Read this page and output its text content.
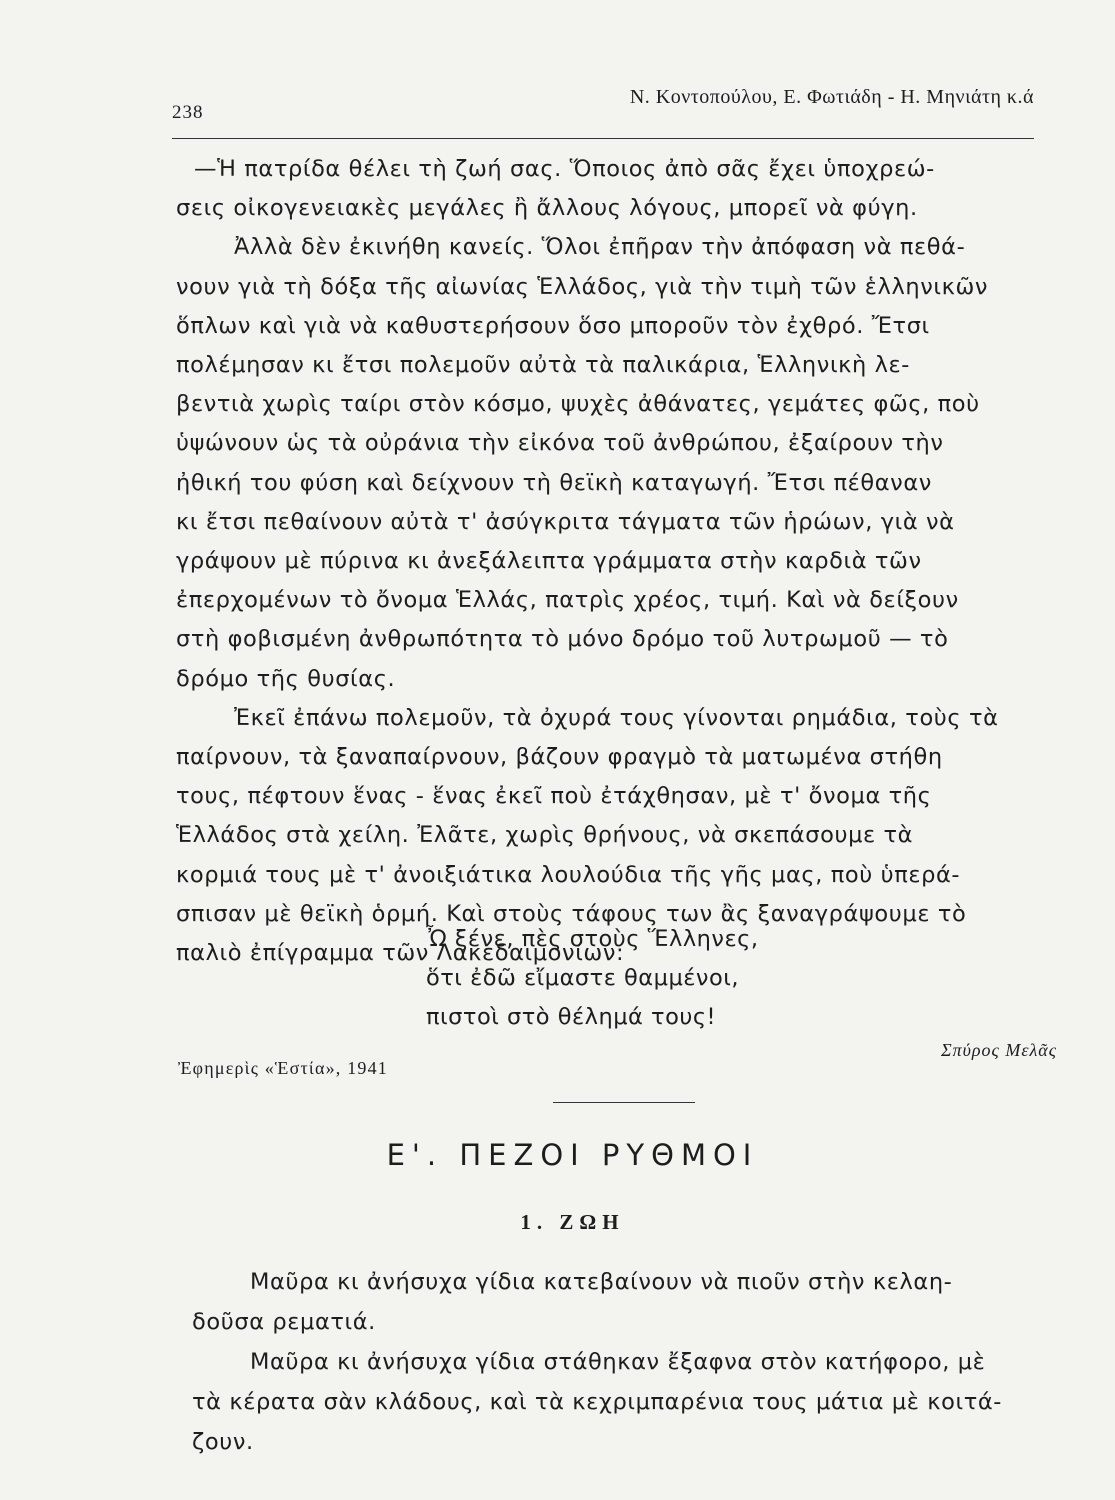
238
Ν. Κοντοπούλου, Ε. Φωτιάδη - Η. Μηνιάτη κ.ά
—Ἡ πατρίδα θέλει τὴ ζωή σας. Ὅποιος ἀπὸ σᾶς ἔχει ὑποχρεώ-
σεις οἰκογενειακὲς μεγάλες ἢ ἄλλους λόγους, μπορεῖ νὰ φύγη.
Ἀλλὰ δὲν ἐκινήθη κανείς. Ὅλοι ἐπῆραν τὴν ἀπόφαση νὰ πεθά-
νουν γιὰ τὴ δόξα τῆς αἰωνίας Ἑλλάδος, γιὰ τὴν τιμὴ τῶν ἑλληνικῶν
ὅπλων καὶ γιὰ νὰ καθυστερήσουν ὅσο μποροῦν τὸν ἐχθρό. Ἔτσι
πολέμησαν κι ἔτσι πολεμοῦν αὐτὰ τὰ παλικάρια, Ἑλληνικὴ λε-
βεντιὰ χωρὶς ταίρι στὸν κόσμο, ψυχὲς ἀθάνατες, γεμάτες φῶς, ποὺ
ὑψώνουν ὡς τὰ οὐράνια τὴν εἰκόνα τοῦ ἀνθρώπου, ἐξαίρουν τὴν
ἠθική του φύση καὶ δείχνουν τὴ θεϊκὴ καταγωγή. Ἔτσι πέθαναν
κι ἔτσι πεθαίνουν αὐτὰ τ' ἀσύγκριτα τάγματα τῶν ἡρώων, γιὰ νὰ
γράψουν μὲ πύρινα κι ἀνεξάλειπτα γράμματα στὴν καρδιὰ τῶν
ἐπερχομένων τὸ ὄνομα Ἑλλάς, πατρὶς χρέος, τιμή. Καὶ νὰ δείξουν
στὴ φοβισμένη ἀνθρωπότητα τὸ μόνο δρόμο τοῦ λυτρωμοῦ — τὸ
δρόμο τῆς θυσίας.
Ἐκεῖ ἐπάνω πολεμοῦν, τὰ ὀχυρά τους γίνονται ρημάδια, τοὺς τὰ
παίρνουν, τὰ ξαναπαίρνουν, βάζουν φραγμὸ τὰ ματωμένα στήθη
τους, πέφτουν ἕνας - ἕνας ἐκεῖ ποὺ ἐτάχθησαν, μὲ τ' ὄνομα τῆς
Ἑλλάδος στὰ χείλη. Ἐλᾶτε, χωρὶς θρήνους, νὰ σκεπάσουμε τὰ
κορμιά τους μὲ τ' ἀνοιξιάτικα λουλούδια τῆς γῆς μας, ποὺ ὑπερά-
σπισαν μὲ θεϊκὴ ὁρμή. Καὶ στοὺς τάφους των ἂς ξαναγράψουμε τὸ
παλιὸ ἐπίγραμμα τῶν Λακεδαιμονίων:
Ὦ ξένε, πὲς στοὺς Ἕλληνες,
ὅτι ἐδῶ εἴμαστε θαμμένοι,
πιστοὶ στὸ θέλημά τους!
Ἐφημερὶς «Ἑστία», 1941
Σπύρος Μελᾶς
Ε'. ΠΕΖΟΙ ΡΥΘΜΟΙ
1. ΖΩΗ
Μαῦρα κι ἀνήσυχα γίδια κατεβαίνουν νὰ πιοῦν στὴν κελαη-
δοῦσα ρεματιά.
Μαῦρα κι ἀνήσυχα γίδια στάθηκαν ἔξαφνα στὸν κατήφορο, μὲ
τὰ κέρατα σὰν κλάδους, καὶ τὰ κεχριμπαρένια τους μάτια μὲ κοιτά-
ζουν.
